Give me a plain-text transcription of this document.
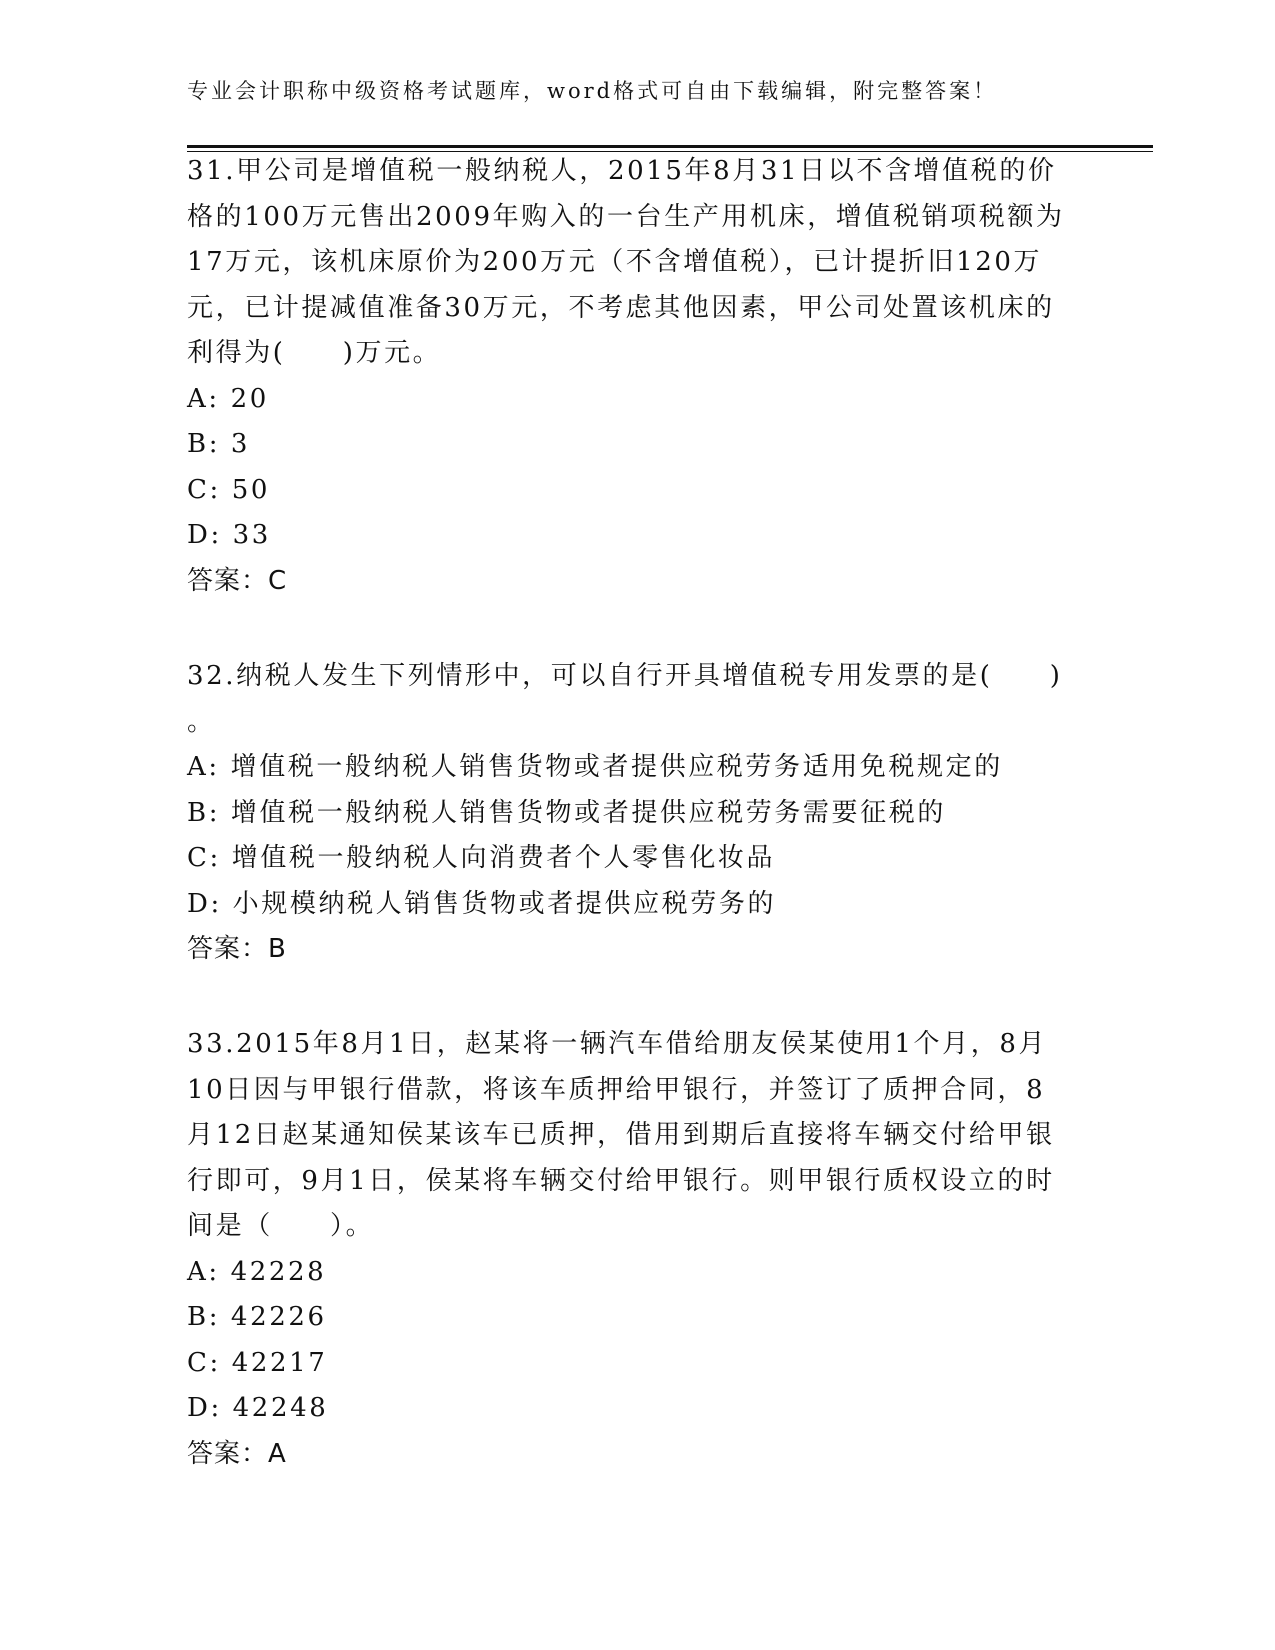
专业会计职称中级资格考试题库，word格式可自由下载编辑，附完整答案！
31.甲公司是增值税一般纳税人，2015年8月31日以不含增值税的价
格的100万元售出2009年购入的一台生产用机床，增值税销项税额为
17万元，该机床原价为200万元（不含增值税），已计提折旧120万
元，已计提减值准备30万元，不考虑其他因素，甲公司处置该机床的
利得为(　　)万元。
A: 20
B: 3
C: 50
D: 33
答案：C
32.纳税人发生下列情形中，可以自行开具增值税专用发票的是(　　)
。
A: 增值税一般纳税人销售货物或者提供应税劳务适用免税规定的
B: 增值税一般纳税人销售货物或者提供应税劳务需要征税的
C: 增值税一般纳税人向消费者个人零售化妆品
D: 小规模纳税人销售货物或者提供应税劳务的
答案：B
33.2015年8月1日，赵某将一辆汽车借给朋友侯某使用1个月，8月
10日因与甲银行借款，将该车质押给甲银行，并签订了质押合同，8
月12日赵某通知侯某该车已质押，借用到期后直接将车辆交付给甲银
行即可，9月1日，侯某将车辆交付给甲银行。则甲银行质权设立的时
间是（　　）。
A: 42228
B: 42226
C: 42217
D: 42248
答案：A
